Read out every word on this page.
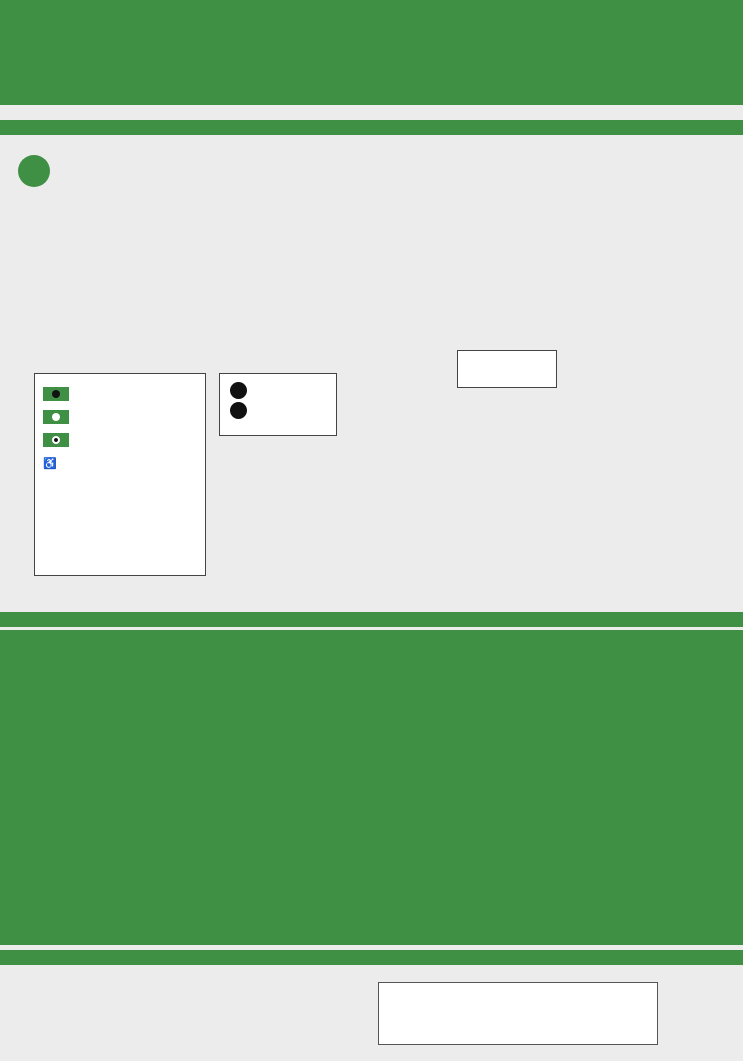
♿
